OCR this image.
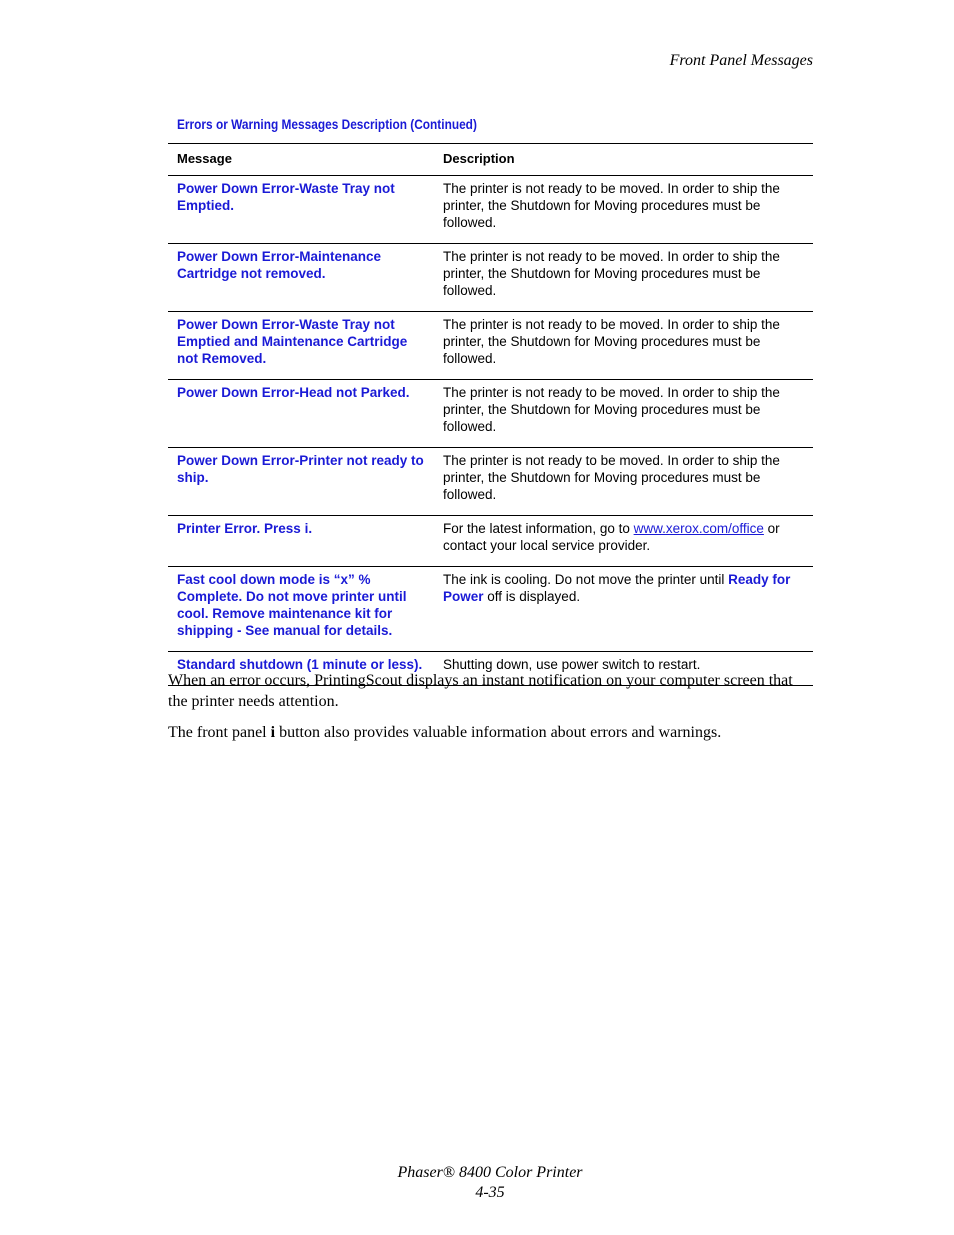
Front Panel Messages
Errors or Warning Messages Description (Continued)
Message	Description
Power Down Error-Waste Tray not Emptied.	The printer is not ready to be moved. In order to ship the printer, the Shutdown for Moving procedures must be followed.
Power Down Error-Maintenance Cartridge not removed.	The printer is not ready to be moved. In order to ship the printer, the Shutdown for Moving procedures must be followed.
Power Down Error-Waste Tray not Emptied and Maintenance Cartridge not Removed.	The printer is not ready to be moved. In order to ship the printer, the Shutdown for Moving procedures must be followed.
Power Down Error-Head not Parked.	The printer is not ready to be moved. In order to ship the printer, the Shutdown for Moving procedures must be followed.
Power Down Error-Printer not ready to ship.	The printer is not ready to be moved. In order to ship the printer, the Shutdown for Moving procedures must be followed.
Printer Error. Press i.	For the latest information, go to www.xerox.com/office or contact your local service provider.
Fast cool down mode is “x” % Complete. Do not move printer until cool. Remove maintenance kit for shipping - See manual for details.	The ink is cooling. Do not move the printer until Ready for Power off is displayed.
Standard shutdown (1 minute or less).	Shutting down, use power switch to restart.

When an error occurs, PrintingScout displays an instant notification on your computer screen that the printer needs attention.

The front panel i button also provides valuable information about errors and warnings.

Phaser® 8400 Color Printer
4-35
